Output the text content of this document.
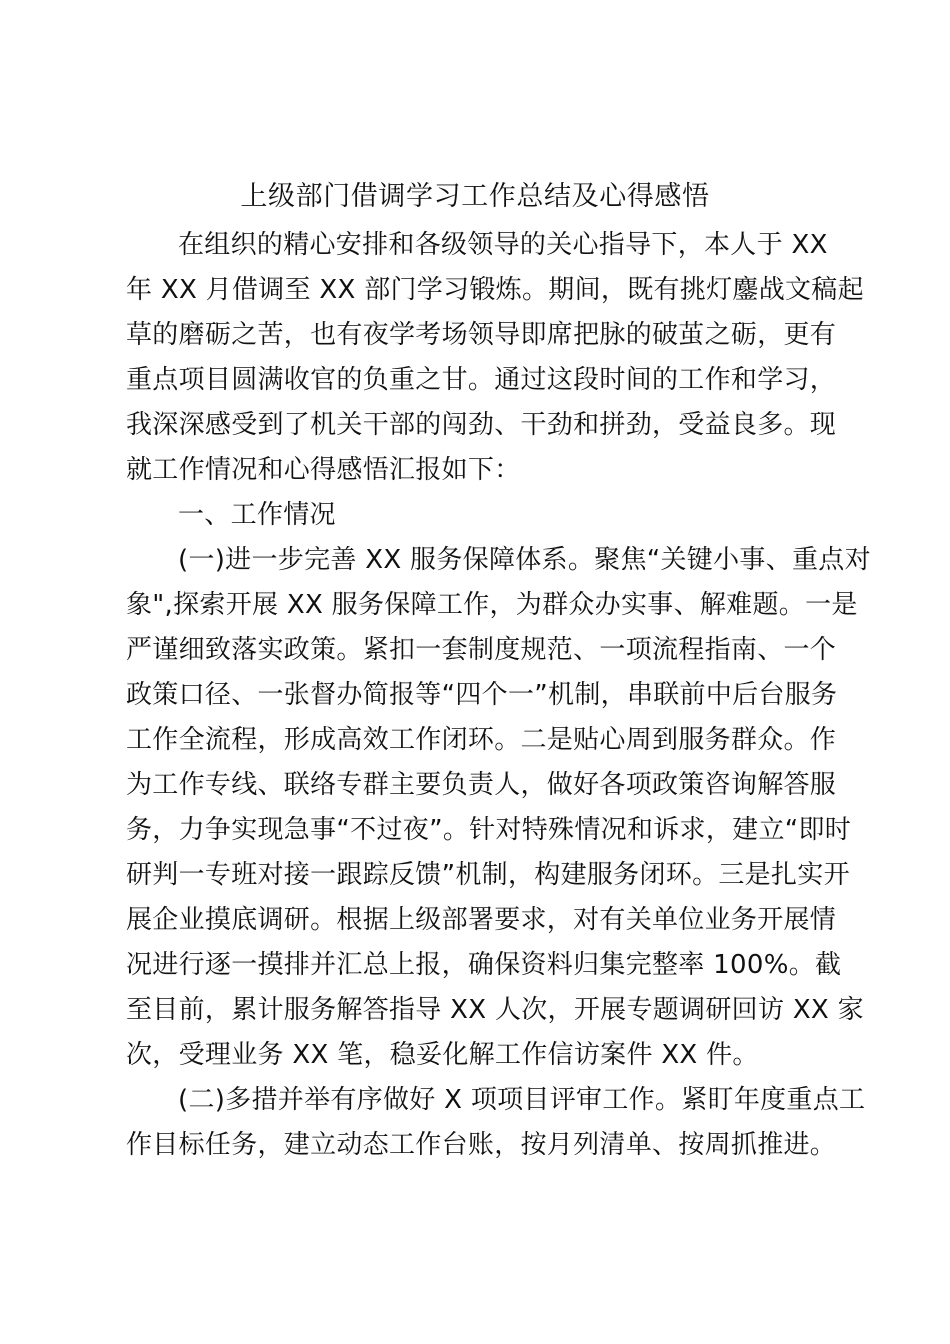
上级部门借调学习工作总结及心得感悟
在组织的精心安排和各级领导的关心指导下，本人于 XX
年 XX 月借调至 XX 部门学习锻炼。期间，既有挑灯鏖战文稿起
草的磨砺之苦，也有夜学考场领导即席把脉的破茧之砺，更有
重点项目圆满收官的负重之甘。通过这段时间的工作和学习，
我深深感受到了机关干部的闯劲、干劲和拼劲，受益良多。现
就工作情况和心得感悟汇报如下：
一、工作情况
(一)进一步完善 XX 服务保障体系。聚焦“关键小事、重点对
象",探索开展 XX 服务保障工作，为群众办实事、解难题。一是
严谨细致落实政策。紧扣一套制度规范、一项流程指南、一个
政策口径、一张督办简报等“四个一”机制，串联前中后台服务
工作全流程，形成高效工作闭环。二是贴心周到服务群众。作
为工作专线、联络专群主要负责人，做好各项政策咨询解答服
务，力争实现急事“不过夜”。针对特殊情况和诉求，建立“即时
研判一专班对接一跟踪反馈”机制，构建服务闭环。三是扎实开
展企业摸底调研。根据上级部署要求，对有关单位业务开展情
况进行逐一摸排并汇总上报，确保资料归集完整率 100%。截
至目前，累计服务解答指导 XX 人次，开展专题调研回访 XX 家
次，受理业务 XX 笔，稳妥化解工作信访案件 XX 件。
(二)多措并举有序做好 X 项项目评审工作。紧盯年度重点工
作目标任务，建立动态工作台账，按月列清单、按周抓推进。
